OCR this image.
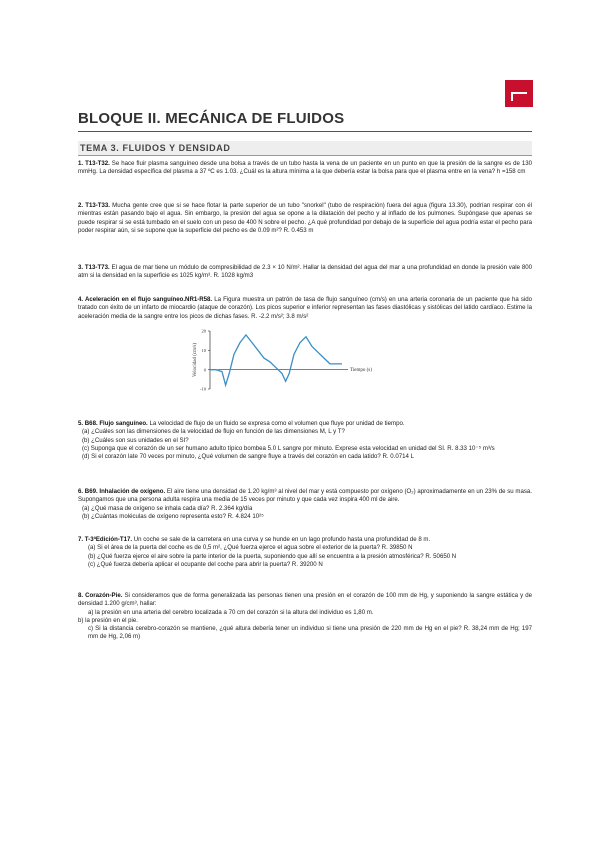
BLOQUE II. MECÁNICA DE FLUIDOS
TEMA 3. FLUIDOS Y DENSIDAD
1. T13-T32. Se hace fluir plasma sanguíneo desde una bolsa a través de un tubo hasta la vena de un paciente en un punto en que la presión de la sangre es de 130 mmHg. La densidad específica del plasma a 37 ºC es 1.03. ¿Cuál es la altura mínima a la que debería estar la bolsa para que el plasma entre en la vena? h =158 cm
2. T13-T33. Mucha gente cree que si se hace flotar la parte superior de un tubo "snorkel" (tubo de respiración) fuera del agua (figura 13.30), podrían respirar con él mientras están pasando bajo el agua. Sin embargo, la presión del agua se opone a la dilatación del pecho y al inflado de los pulmones. Supóngase que apenas se puede respirar si se está tumbado en el suelo con un peso de 400 N sobre el pecho. ¿A qué profundidad por debajo de la superficie del agua podría estar el pecho para poder respirar aún, si se supone que la superficie del pecho es de 0.09 m²? R. 0.453 m
3. T13-T73. El agua de mar tiene un módulo de compresibilidad de 2.3 × 10 N/m². Hallar la densidad del agua del mar a una profundidad en donde la presión vale 800 atm si la densidad en la superficie es 1025 kg/m³. R. 1028 kg/m3
4. Aceleración en el flujo sanguíneo.NR1-R58. La Figura muestra un patrón de tasa de flujo sanguíneo (cm/s) en una arteria coronaria de un paciente que ha sido tratado con éxito de un infarto de miocardio (ataque de corazón). Los picos superior e inferior representan las fases diastólicas y sistólicas del latido cardíaco. Estime la aceleración media de la sangre entre los picos de dichas fases. R. -2.2 m/s²; 3.8 m/s²
5. B68. Flujo sanguíneo. La velocidad de flujo de un fluido se expresa como el volumen que fluye por unidad de tiempo.
(a) ¿Cuáles son las dimensiones de la velocidad de flujo en función de las dimensiones M, L y T?
(b) ¿Cuáles son sus unidades en el SI?
(c) Suponga que el corazón de un ser humano adulto típico bombea 5.0 L sangre por minuto. Exprese esta velocidad en unidad del SI. R. 8.33 10⁻⁵ m³/s
(d) Si el corazón late 70 veces por minuto, ¿Qué volumen de sangre fluye a través del corazón en cada latido? R. 0.0714 L
6. B69. Inhalación de oxígeno. El aire tiene una densidad de 1.20 kg/m³ al nivel del mar y está compuesto por oxígeno (O₂) aproximadamente en un 23% de su masa. Supongamos que una persona adulta respira una media de 15 veces por minuto y que cada vez inspira 400 ml de aire.
(a) ¿Qué masa de oxígeno se inhala cada día? R. 2.364 kg/día
(b) ¿Cuántas moléculas de oxígeno representa esto? R. 4.824 10²⁵
7. T-3ªEdición-T17. Un coche se sale de la carretera en una curva y se hunde en un lago profundo hasta una profundidad de 8 m.
(a) Si el área de la puerta del coche es de 0,5 m², ¿Qué fuerza ejerce el agua sobre el exterior de la puerta? R. 39850 N
(b) ¿Qué fuerza ejerce el aire sobre la parte interior de la puerta, suponiendo que allí se encuentra a la presión atmosférica? R. 50650 N
(c) ¿Qué fuerza debería aplicar el ocupante del coche para abrir la puerta? R. 39200 N
8. Corazón-Pie. Si consideramos que de forma generalizada las personas tienen una presión en el corazón de 100 mm de Hg, y suponiendo la sangre estática y de densidad 1.200 g/cm³, hallar:
a) la presión en una arteria del cerebro localizada a 70 cm del corazón si la altura del individuo es 1,80 m.
b) la presión en el pie.
c) Si la distancia cerebro-corazón se mantiene, ¿qué altura debería tener un individuo si tiene una presión de 220 mm de Hg en el pie? R. 38,24 mm de Hg; 197 mm de Hg, 2,06 m)
20
10
0
-10
Velocidad (cm/s)	Tiempo (s)
